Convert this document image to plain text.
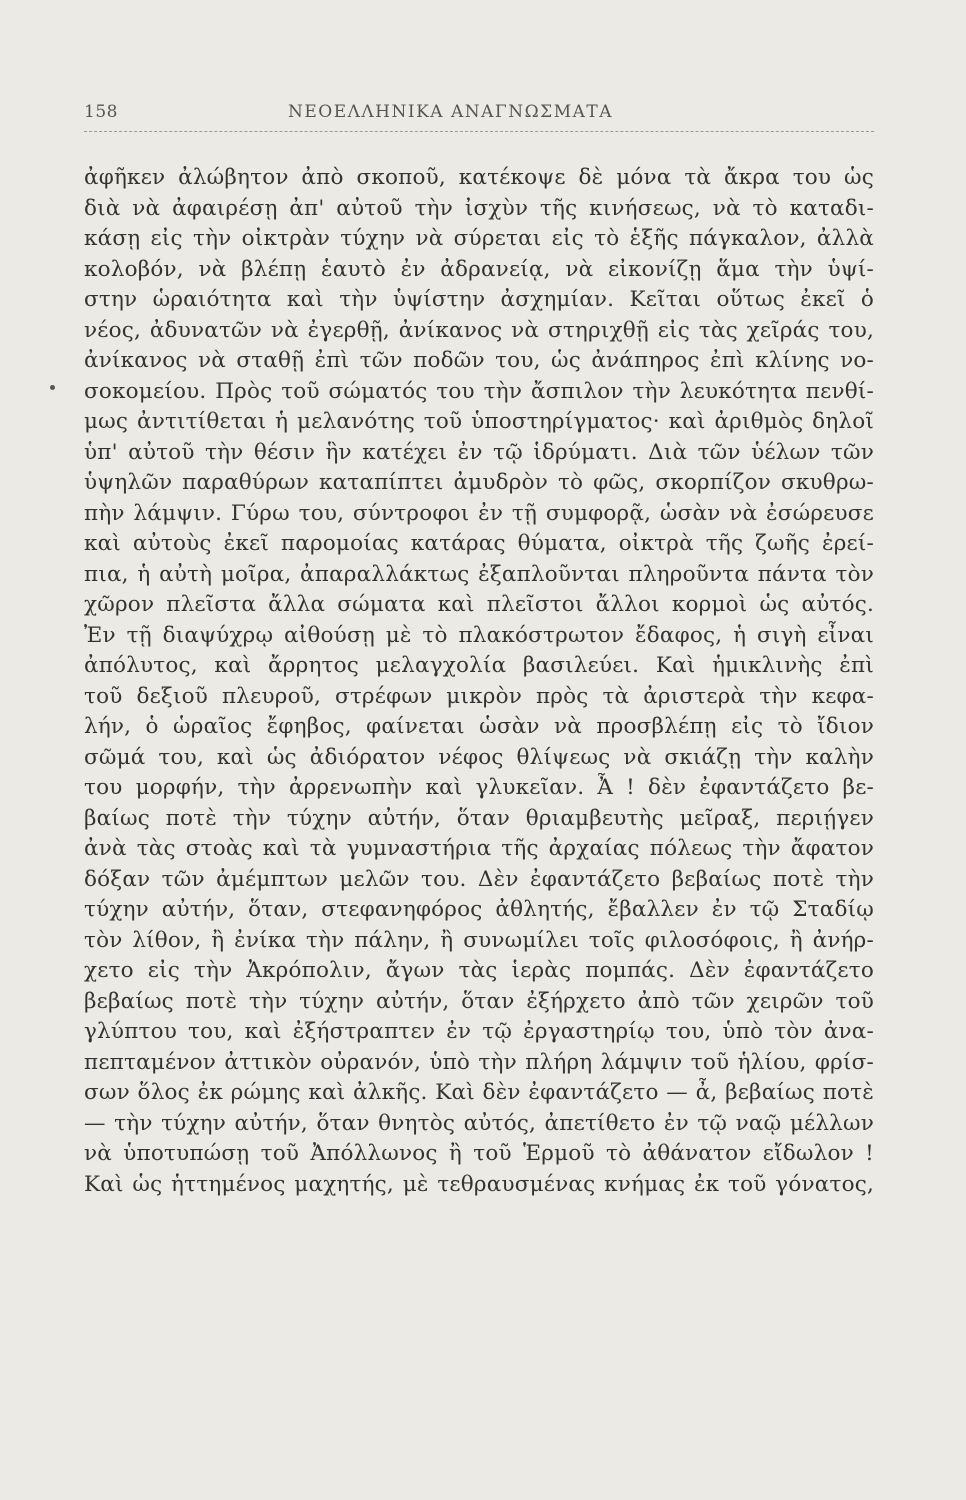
158	ΝΕΟΕΛΛΗΝΙΚΑ ΑΝΑΓΝΩΣΜΑΤΑ
ἀφῆκεν ἀλώβητον ἀπὸ σκοποῦ, κατέκοψε δὲ μόνα τὰ ἄκρα του ὡς
διὰ νὰ ἀφαιρέσῃ ἀπ' αὐτοῦ τὴν ἰσχὺν τῆς κινήσεως, νὰ τὸ καταδι-
κάσῃ εἰς τὴν οἰκτρὰν τύχην νὰ σύρεται εἰς τὸ ἑξῆς πάγκαλον, ἀλλὰ
κολοβόν, νὰ βλέπῃ ἑαυτὸ ἐν ἀδρανείᾳ, νὰ εἰκονίζῃ ἅμα τὴν ὑψί-
στην ὡραιότητα καὶ τὴν ὑψίστην ἀσχημίαν. Κεῖται οὕτως ἐκεῖ ὁ
νέος, ἀδυνατῶν νὰ ἐγερθῇ, ἀνίκανος νὰ στηριχθῇ εἰς τὰς χεῖράς του,
ἀνίκανος νὰ σταθῇ ἐπὶ τῶν ποδῶν του, ὡς ἀνάπηρος ἐπὶ κλίνης νο-
σοκομείου. Πρὸς τοῦ σώματός του τὴν ἄσπιλον τὴν λευκότητα πενθί-
μως ἀντιτίθεται ἡ μελανότης τοῦ ὑποστηρίγματος· καὶ ἀριθμὸς δηλοῖ
ὑπ' αὐτοῦ τὴν θέσιν ἣν κατέχει ἐν τῷ ἱδρύματι. Διὰ τῶν ὑέλων τῶν
ὑψηλῶν παραθύρων καταπίπτει ἀμυδρὸν τὸ φῶς, σκορπίζον σκυθρω-
πὴν λάμψιν. Γύρω του, σύντροφοι ἐν τῇ συμφορᾷ, ὡσὰν νὰ ἐσώρευσε
καὶ αὐτοὺς ἐκεῖ παρομοίας κατάρας θύματα, οἰκτρὰ τῆς ζωῆς ἐρεί-
πια, ἡ αὐτὴ μοῖρα, ἀπαραλλάκτως ἐξαπλοῦνται πληροῦντα πάντα τὸν
χῶρον πλεῖστα ἄλλα σώματα καὶ πλεῖστοι ἄλλοι κορμοὶ ὡς αὐτός.
Ἐν τῇ διαψύχρῳ αἰθούσῃ μὲ τὸ πλακόστρωτον ἔδαφος, ἡ σιγὴ εἶναι
ἀπόλυτος, καὶ ἄρρητος μελαγχολία βασιλεύει. Καὶ ἡμικλινὴς ἐπὶ
τοῦ δεξιοῦ πλευροῦ, στρέφων μικρὸν πρὸς τὰ ἀριστερὰ τὴν κεφα-
λήν, ὁ ὡραῖος ἔφηβος, φαίνεται ὡσὰν νὰ προσβλέπῃ εἰς τὸ ἴδιον
σῶμά του, καὶ ὡς ἀδιόρατον νέφος θλίψεως νὰ σκιάζῃ τὴν καλὴν
του μορφήν, τὴν ἀρρενωπὴν καὶ γλυκεῖαν. Ἆ ! δὲν ἐφαντάζετο βε-
βαίως ποτὲ τὴν τύχην αὐτήν, ὅταν θριαμβευτὴς μεῖραξ, περιῄγεν
ἀνὰ τὰς στοὰς καὶ τὰ γυμναστήρια τῆς ἀρχαίας πόλεως τὴν ἄφατον
δόξαν τῶν ἀμέμπτων μελῶν του. Δὲν ἐφαντάζετο βεβαίως ποτὲ τὴν
τύχην αὐτήν, ὅταν, στεφανηφόρος ἀθλητής, ἔβαλλεν ἐν τῷ Σταδίῳ
τὸν λίθον, ἢ ἐνίκα τὴν πάλην, ἢ συνωμίλει τοῖς φιλοσόφοις, ἢ ἀνήρ-
χετο εἰς τὴν Ἀκρόπολιν, ἄγων τὰς ἱερὰς πομπάς. Δὲν ἐφαντάζετο
βεβαίως ποτὲ τὴν τύχην αὐτήν, ὅταν ἐξήρχετο ἀπὸ τῶν χειρῶν τοῦ
γλύπτου του, καὶ ἐξήστραπτεν ἐν τῷ ἐργαστηρίῳ του, ὑπὸ τὸν ἀνα-
πεπταμένον ἀττικὸν οὐρανόν, ὑπὸ τὴν πλήρη λάμψιν τοῦ ἡλίου, φρίσ-
σων ὅλος ἐκ ρώμης καὶ ἀλκῆς. Καὶ δὲν ἐφαντάζετο — ἆ, βεβαίως ποτὲ
— τὴν τύχην αὐτήν, ὅταν θνητὸς αὐτός, ἀπετίθετο ἐν τῷ ναῷ μέλλων
νὰ ὑποτυπώσῃ τοῦ Ἀπόλλωνος ἢ τοῦ Ἑρμοῦ τὸ ἀθάνατον εἴδωλον !
Καὶ ὡς ἡττημένος μαχητής, μὲ τεθραυσμένας κνήμας ἐκ τοῦ γόνατος,
